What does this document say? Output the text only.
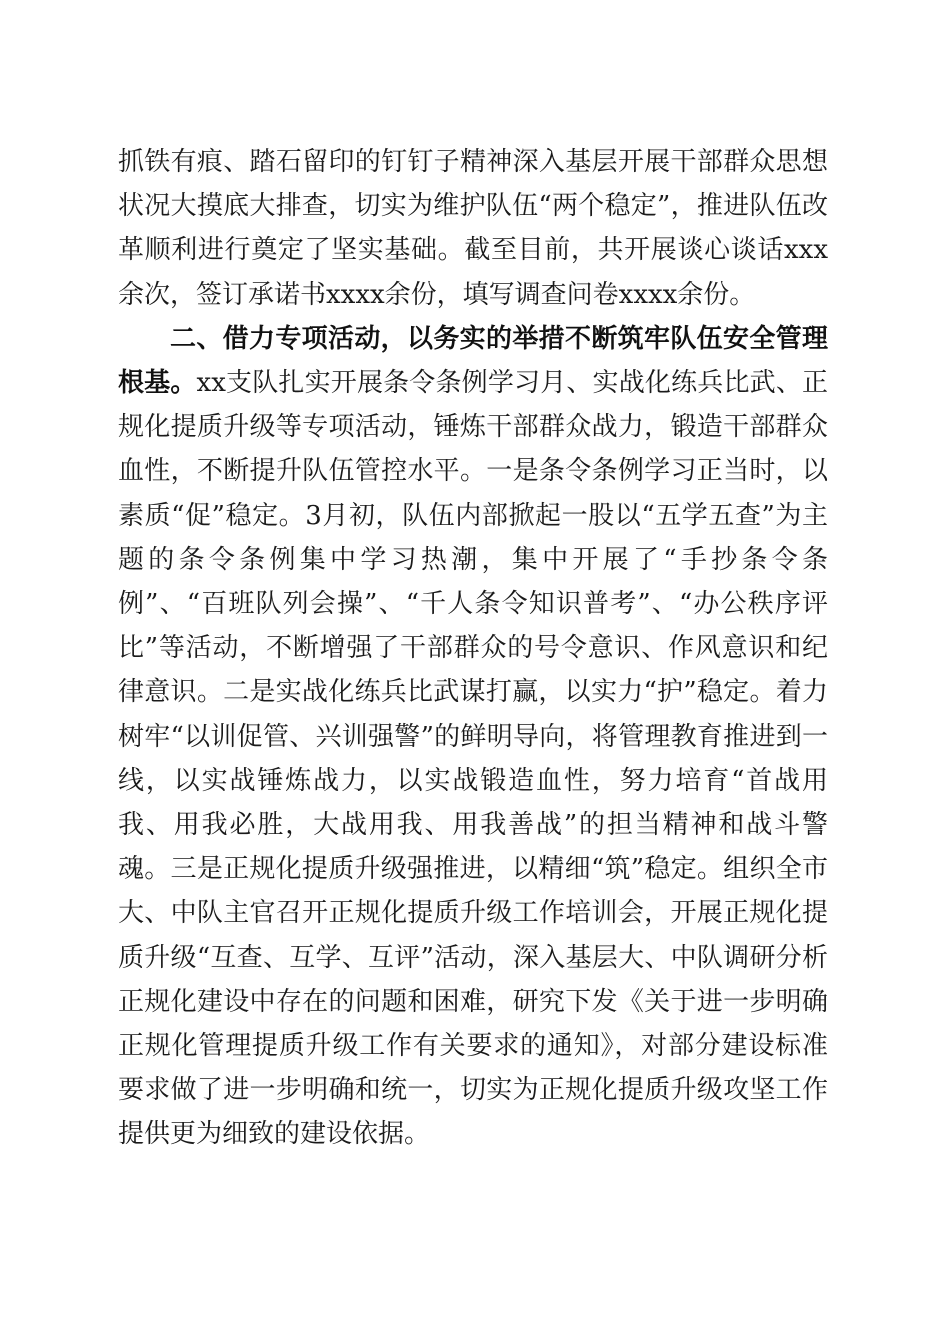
抓铁有痕、踏石留印的钉钉子精神深入基层开展干部群众思想状况大摸底大排查，切实为维护队伍“两个稳定”，推进队伍改革顺利进行奠定了坚实基础。截至目前，共开展谈心谈话xxx余次，签订承诺书xxxx余份，填写调查问卷xxxx余份。

二、借力专项活动，以务实的举措不断筑牢队伍安全管理根基。xx支队扎实开展条令条例学习月、实战化练兵比武、正规化提质升级等专项活动，锤炼干部群众战力，锻造干部群众血性，不断提升队伍管控水平。一是条令条例学习正当时，以素质“促”稳定。3月初，队伍内部掀起一股以“五学五查”为主题的条令条例集中学习热潮，集中开展了“手抄条令条例”、“百班队列会操”、“千人条令知识普考”、“办公秩序评比”等活动，不断增强了干部群众的号令意识、作风意识和纪律意识。二是实战化练兵比武谋打赢，以实力“护”稳定。着力树牢“以训促管、兴训强警”的鲜明导向，将管理教育推进到一线，以实战锤炼战力，以实战锻造血性，努力培育“首战用我、用我必胜，大战用我、用我善战”的担当精神和战斗警魂。三是正规化提质升级强推进，以精细“筑”稳定。组织全市大、中队主官召开正规化提质升级工作培训会，开展正规化提质升级“互查、互学、互评”活动，深入基层大、中队调研分析正规化建设中存在的问题和困难，研究下发《关于进一步明确正规化管理提质升级工作有关要求的通知》，对部分建设标准要求做了进一步明确和统一，切实为正规化提质升级攻坚工作提供更为细致的建设依据。
